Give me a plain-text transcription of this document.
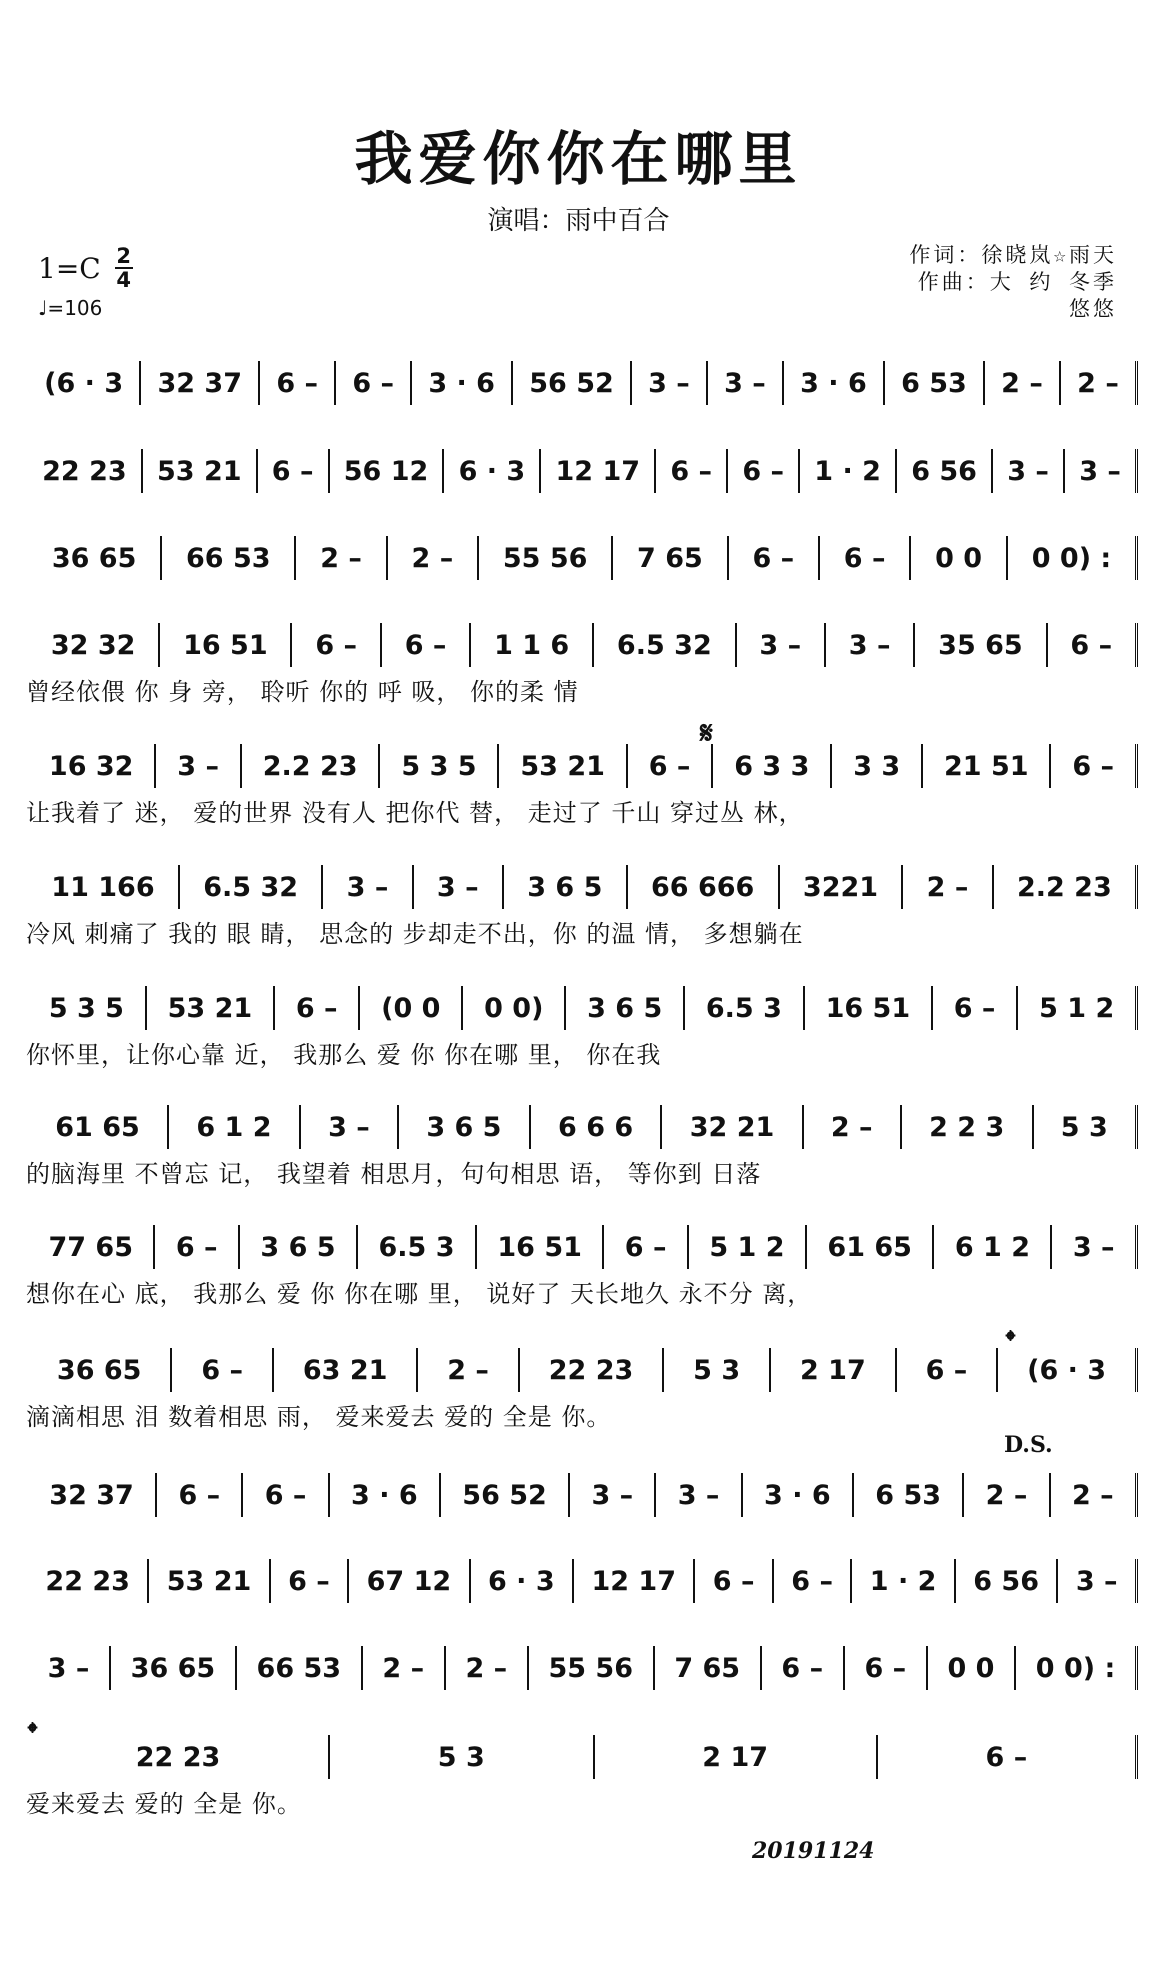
我爱你你在哪里
演唱：雨中百合
1=C 2
4
♩=106
作词：徐晓岚☆雨天
作曲：大 约 冬季
悠悠
(6 · 3	32 37	6 –	6 –	3 · 6	56 52	3 –	3 –	3 · 6	6 53	2 –	2 –
22 23	53 21	6 –	56 12	6 · 3	12 17	6 –	6 –	1 · 2	6 56	3 –	3 –
36 65	66 53	2 –	2 –	55 56	7 65	6 –	6 –	0 0	0 0) :
32 32	16 51	6 –	6 –	1 1 6	6.5 32	3 –	3 –	35 65	6 –
曾经依偎 你 身 旁， 聆听 你的 呼 吸， 你的柔 情
16 32	3 –	2.2 23	5 3 5	53 21	6 –	6 3 3	3 3	21 51	6 –
让我着了 迷， 爱的世界 没有人 把你代 替， 走过了 千山 穿过丛 林，
11 166	6.5 32	3 –	3 –	3 6 5	66 666	3221	2 –	2.2 23
冷风 刺痛了 我的 眼 睛， 思念的 步却走不出，你 的温 情， 多想躺在
5 3 5	53 21	6 –	(0 0	0 0)	3 6 5	6.5 3	16 51	6 –	5 1 2
你怀里，让你心靠 近， 我那么 爱 你 你在哪 里， 你在我
61 65	6 1 2	3 –	3 6 5	6 6 6	32 21	2 –	2 2 3	5 3
的脑海里 不曾忘 记， 我望着 相思月，句句相思 语， 等你到 日落
77 65	6 –	3 6 5	6.5 3	16 51	6 –	5 1 2	61 65	6 1 2	3 –
想你在心 底， 我那么 爱 你 你在哪 里， 说好了 天长地久 永不分 离，
36 65	6 –	63 21	2 –	22 23	5 3	2 17	6 –	(6 · 3
滴滴相思 泪 数着相思 雨， 爱来爱去 爱的 全是 你。
32 37	6 –	6 –	3 · 6	56 52	3 –	3 –	3 · 6	6 53	2 –	2 –
22 23	53 21	6 –	67 12	6 · 3	12 17	6 –	6 –	1 · 2	6 56	3 –
3 –	36 65	66 53	2 –	2 –	55 56	7 65	6 –	6 –	0 0	0 0) :
22 23	5 3	2 17	6 –
爱来爱去 爱的 全是 你。
𝄋
𝄌
D.S.
𝄌
20191124
